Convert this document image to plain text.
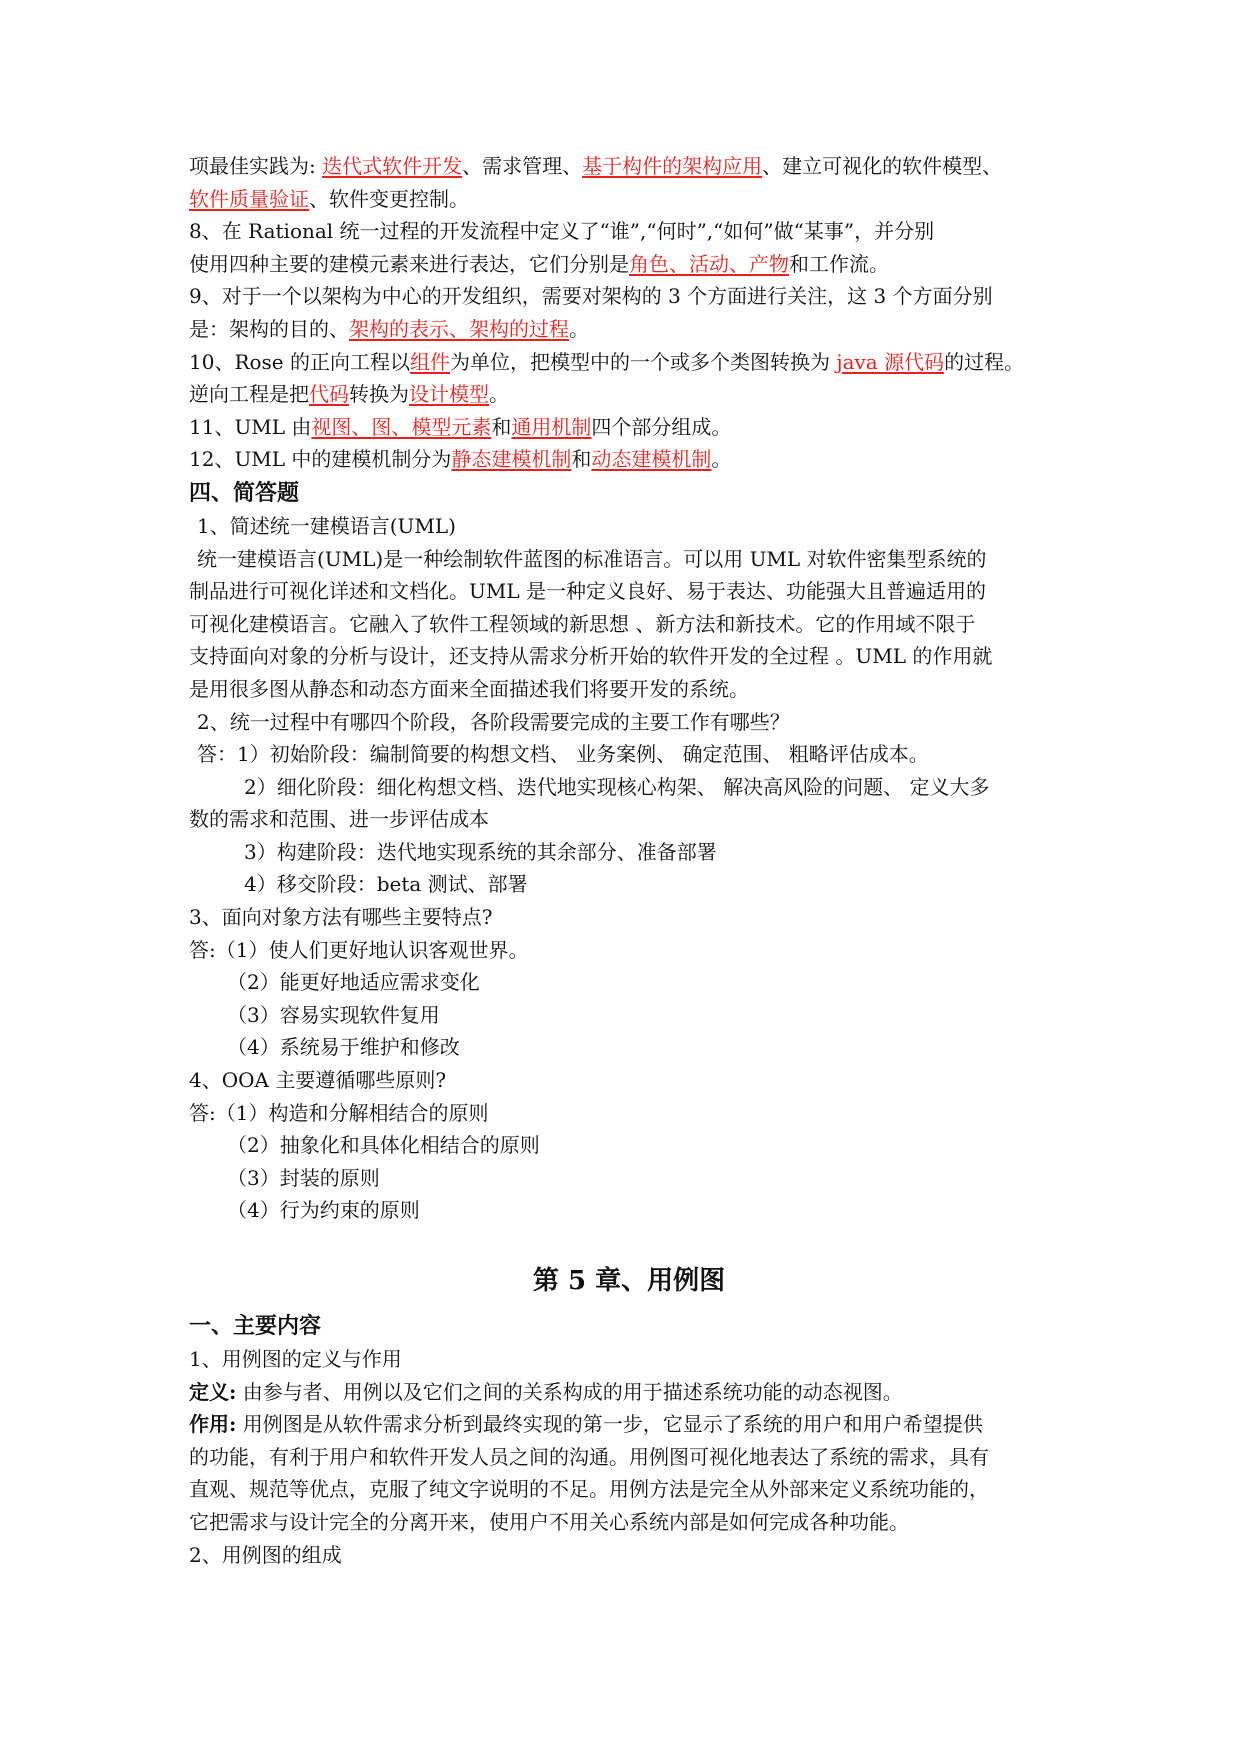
项最佳实践为: 迭代式软件开发、需求管理、基于构件的架构应用、建立可视化的软件模型、
软件质量验证、软件变更控制。
8、在 Rational 统一过程的开发流程中定义了“谁”,“何时”,“如何”做“某事”，并分别
使用四种主要的建模元素来进行表达，它们分别是角色、活动、产物和工作流。
9、对于一个以架构为中心的开发组织，需要对架构的 3 个方面进行关注，这 3 个方面分别
是：架构的目的、架构的表示、架构的过程。
10、Rose 的正向工程以组件为单位，把模型中的一个或多个类图转换为 java 源代码的过程。
逆向工程是把代码转换为设计模型。
11、UML 由视图、图、模型元素和通用机制四个部分组成。
12、UML 中的建模机制分为静态建模机制和动态建模机制。
四、简答题
1、简述统一建模语言(UML)
统一建模语言(UML)是一种绘制软件蓝图的标准语言。可以用 UML 对软件密集型系统的
制品进行可视化详述和文档化。UML 是一种定义良好、易于表达、功能强大且普遍适用的
可视化建模语言。它融入了软件工程领域的新思想 、新方法和新技术。它的作用域不限于
支持面向对象的分析与设计，还支持从需求分析开始的软件开发的全过程 。UML 的作用就
是用很多图从静态和动态方面来全面描述我们将要开发的系统。
2、统一过程中有哪四个阶段，各阶段需要完成的主要工作有哪些？
答：1）初始阶段：编制简要的构想文档、 业务案例、 确定范围、 粗略评估成本。
2）细化阶段：细化构想文档、迭代地实现核心构架、 解决高风险的问题、 定义大多
数的需求和范围、进一步评估成本
3）构建阶段：迭代地实现系统的其余部分、准备部署
4）移交阶段：beta 测试、部署
3、面向对象方法有哪些主要特点?
答:（1）使人们更好地认识客观世界。
（2）能更好地适应需求变化
（3）容易实现软件复用
（4）系统易于维护和修改
4、OOA 主要遵循哪些原则?
答:（1）构造和分解相结合的原则
（2）抽象化和具体化相结合的原则
（3）封装的原则
（4）行为约束的原则
第 5 章、用例图
一、主要内容
1、用例图的定义与作用
定义: 由参与者、用例以及它们之间的关系构成的用于描述系统功能的动态视图。
作用: 用例图是从软件需求分析到最终实现的第一步，它显示了系统的用户和用户希望提供
的功能，有利于用户和软件开发人员之间的沟通。用例图可视化地表达了系统的需求，具有
直观、规范等优点，克服了纯文字说明的不足。用例方法是完全从外部来定义系统功能的，
它把需求与设计完全的分离开来，使用户不用关心系统内部是如何完成各种功能。
2、用例图的组成
